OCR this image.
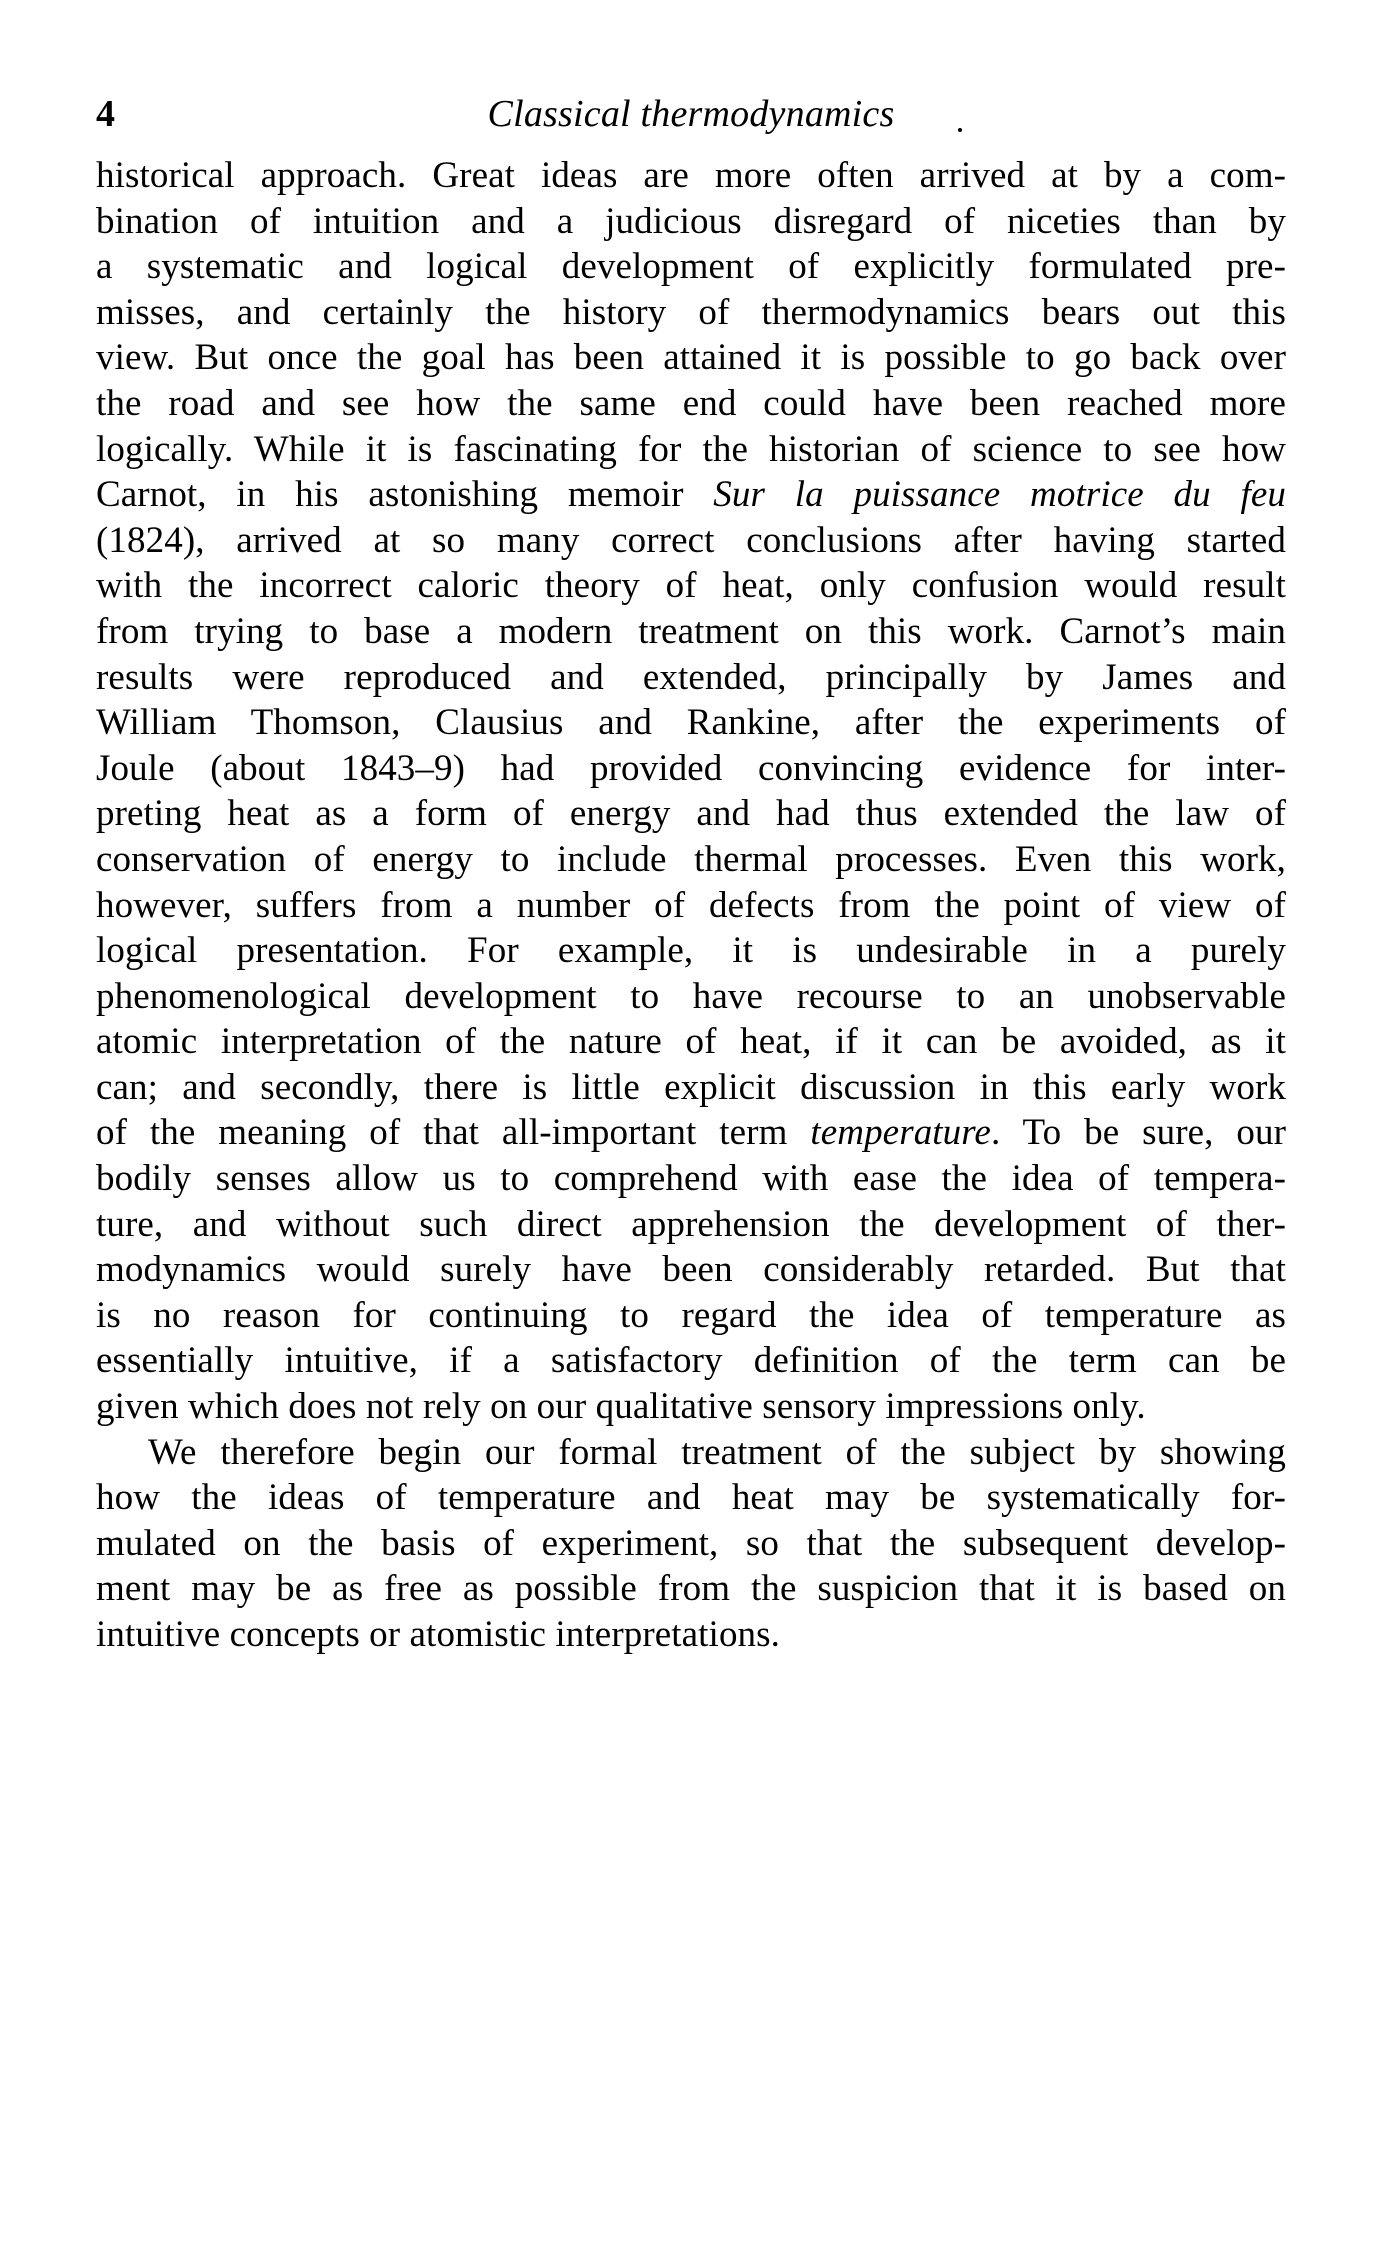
4	Classical thermodynamics
historical approach. Great ideas are more often arrived at by a com-
bination of intuition and a judicious disregard of niceties than by
a systematic and logical development of explicitly formulated pre-
misses, and certainly the history of thermodynamics bears out this
view. But once the goal has been attained it is possible to go back over
the road and see how the same end could have been reached more
logically. While it is fascinating for the historian of science to see how
Carnot, in his astonishing memoir Sur la puissance motrice du feu
(1824), arrived at so many correct conclusions after having started
with the incorrect caloric theory of heat, only confusion would result
from trying to base a modern treatment on this work. Carnot’s main
results were reproduced and extended, principally by James and
William Thomson, Clausius and Rankine, after the experiments of
Joule (about 1843–9) had provided convincing evidence for inter-
preting heat as a form of energy and had thus extended the law of
conservation of energy to include thermal processes. Even this work,
however, suffers from a number of defects from the point of view of
logical presentation. For example, it is undesirable in a purely
phenomenological development to have recourse to an unobservable
atomic interpretation of the nature of heat, if it can be avoided, as it
can; and secondly, there is little explicit discussion in this early work
of the meaning of that all-important term temperature. To be sure, our
bodily senses allow us to comprehend with ease the idea of tempera-
ture, and without such direct apprehension the development of ther-
modynamics would surely have been considerably retarded. But that
is no reason for continuing to regard the idea of temperature as
essentially intuitive, if a satisfactory definition of the term can be
given which does not rely on our qualitative sensory impressions only.
We therefore begin our formal treatment of the subject by showing
how the ideas of temperature and heat may be systematically for-
mulated on the basis of experiment, so that the subsequent develop-
ment may be as free as possible from the suspicion that it is based on
intuitive concepts or atomistic interpretations.
